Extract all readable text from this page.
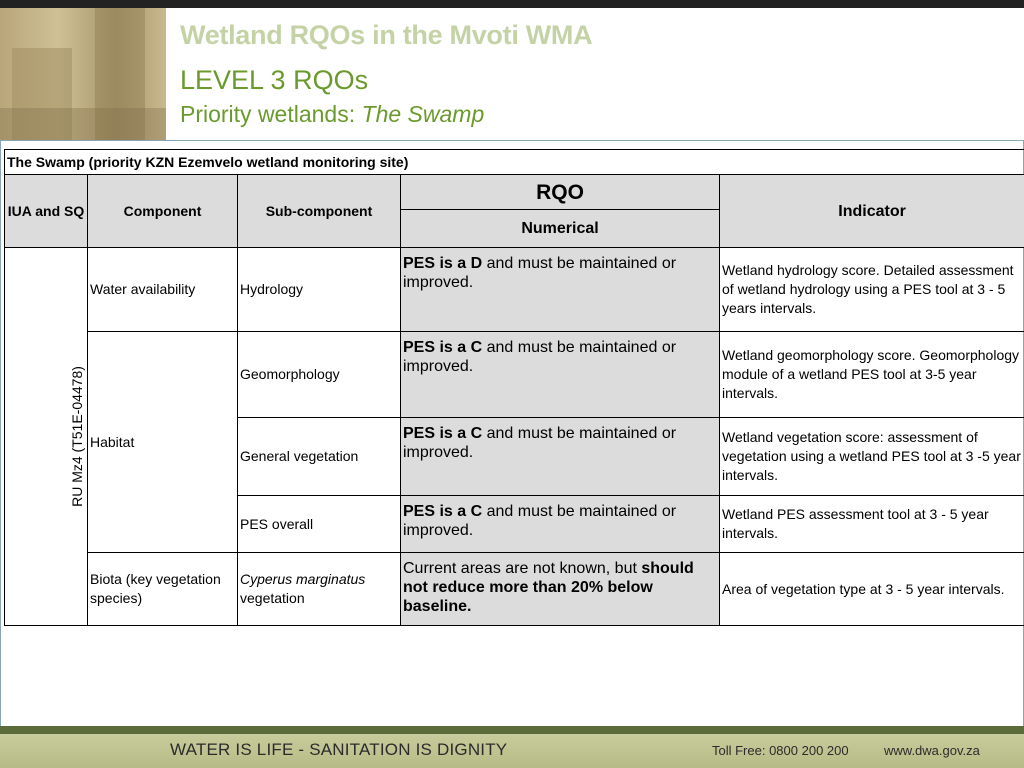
Wetland RQOs in the Mvoti WMA
LEVEL 3 RQOs
Priority wetlands: The Swamp
The Swamp (priority KZN Ezemvelo wetland monitoring site)				
IUA and SQ	Component	Sub-component	RQO	Indicator
			Numerical	
RU Mz4 (T51E-04478)	Water availability	Hydrology	PES is a D and must be maintained or improved.	Wetland hydrology score. Detailed assessment of wetland hydrology using a PES tool at 3 - 5 years intervals.
	Habitat	Geomorphology	PES is a C and must be maintained or improved.	Wetland geomorphology score. Geomorphology module of a wetland PES tool at 3-5 year intervals.
		General vegetation	PES is a C and must be maintained or improved.	Wetland vegetation score: assessment of vegetation using a wetland PES tool at 3 -5 year intervals.
		PES overall	PES is a C and must be maintained or improved.	Wetland PES assessment tool at 3 - 5 year intervals.
	Biota (key vegetation species)	Cyperus marginatus vegetation	Current areas are not known, but should not reduce more than 20% below baseline.	Area of vegetation type at 3 - 5 year intervals.
WATER IS LIFE - SANITATION IS DIGNITY	Toll Free: 0800 200 200	www.dwa.gov.za
